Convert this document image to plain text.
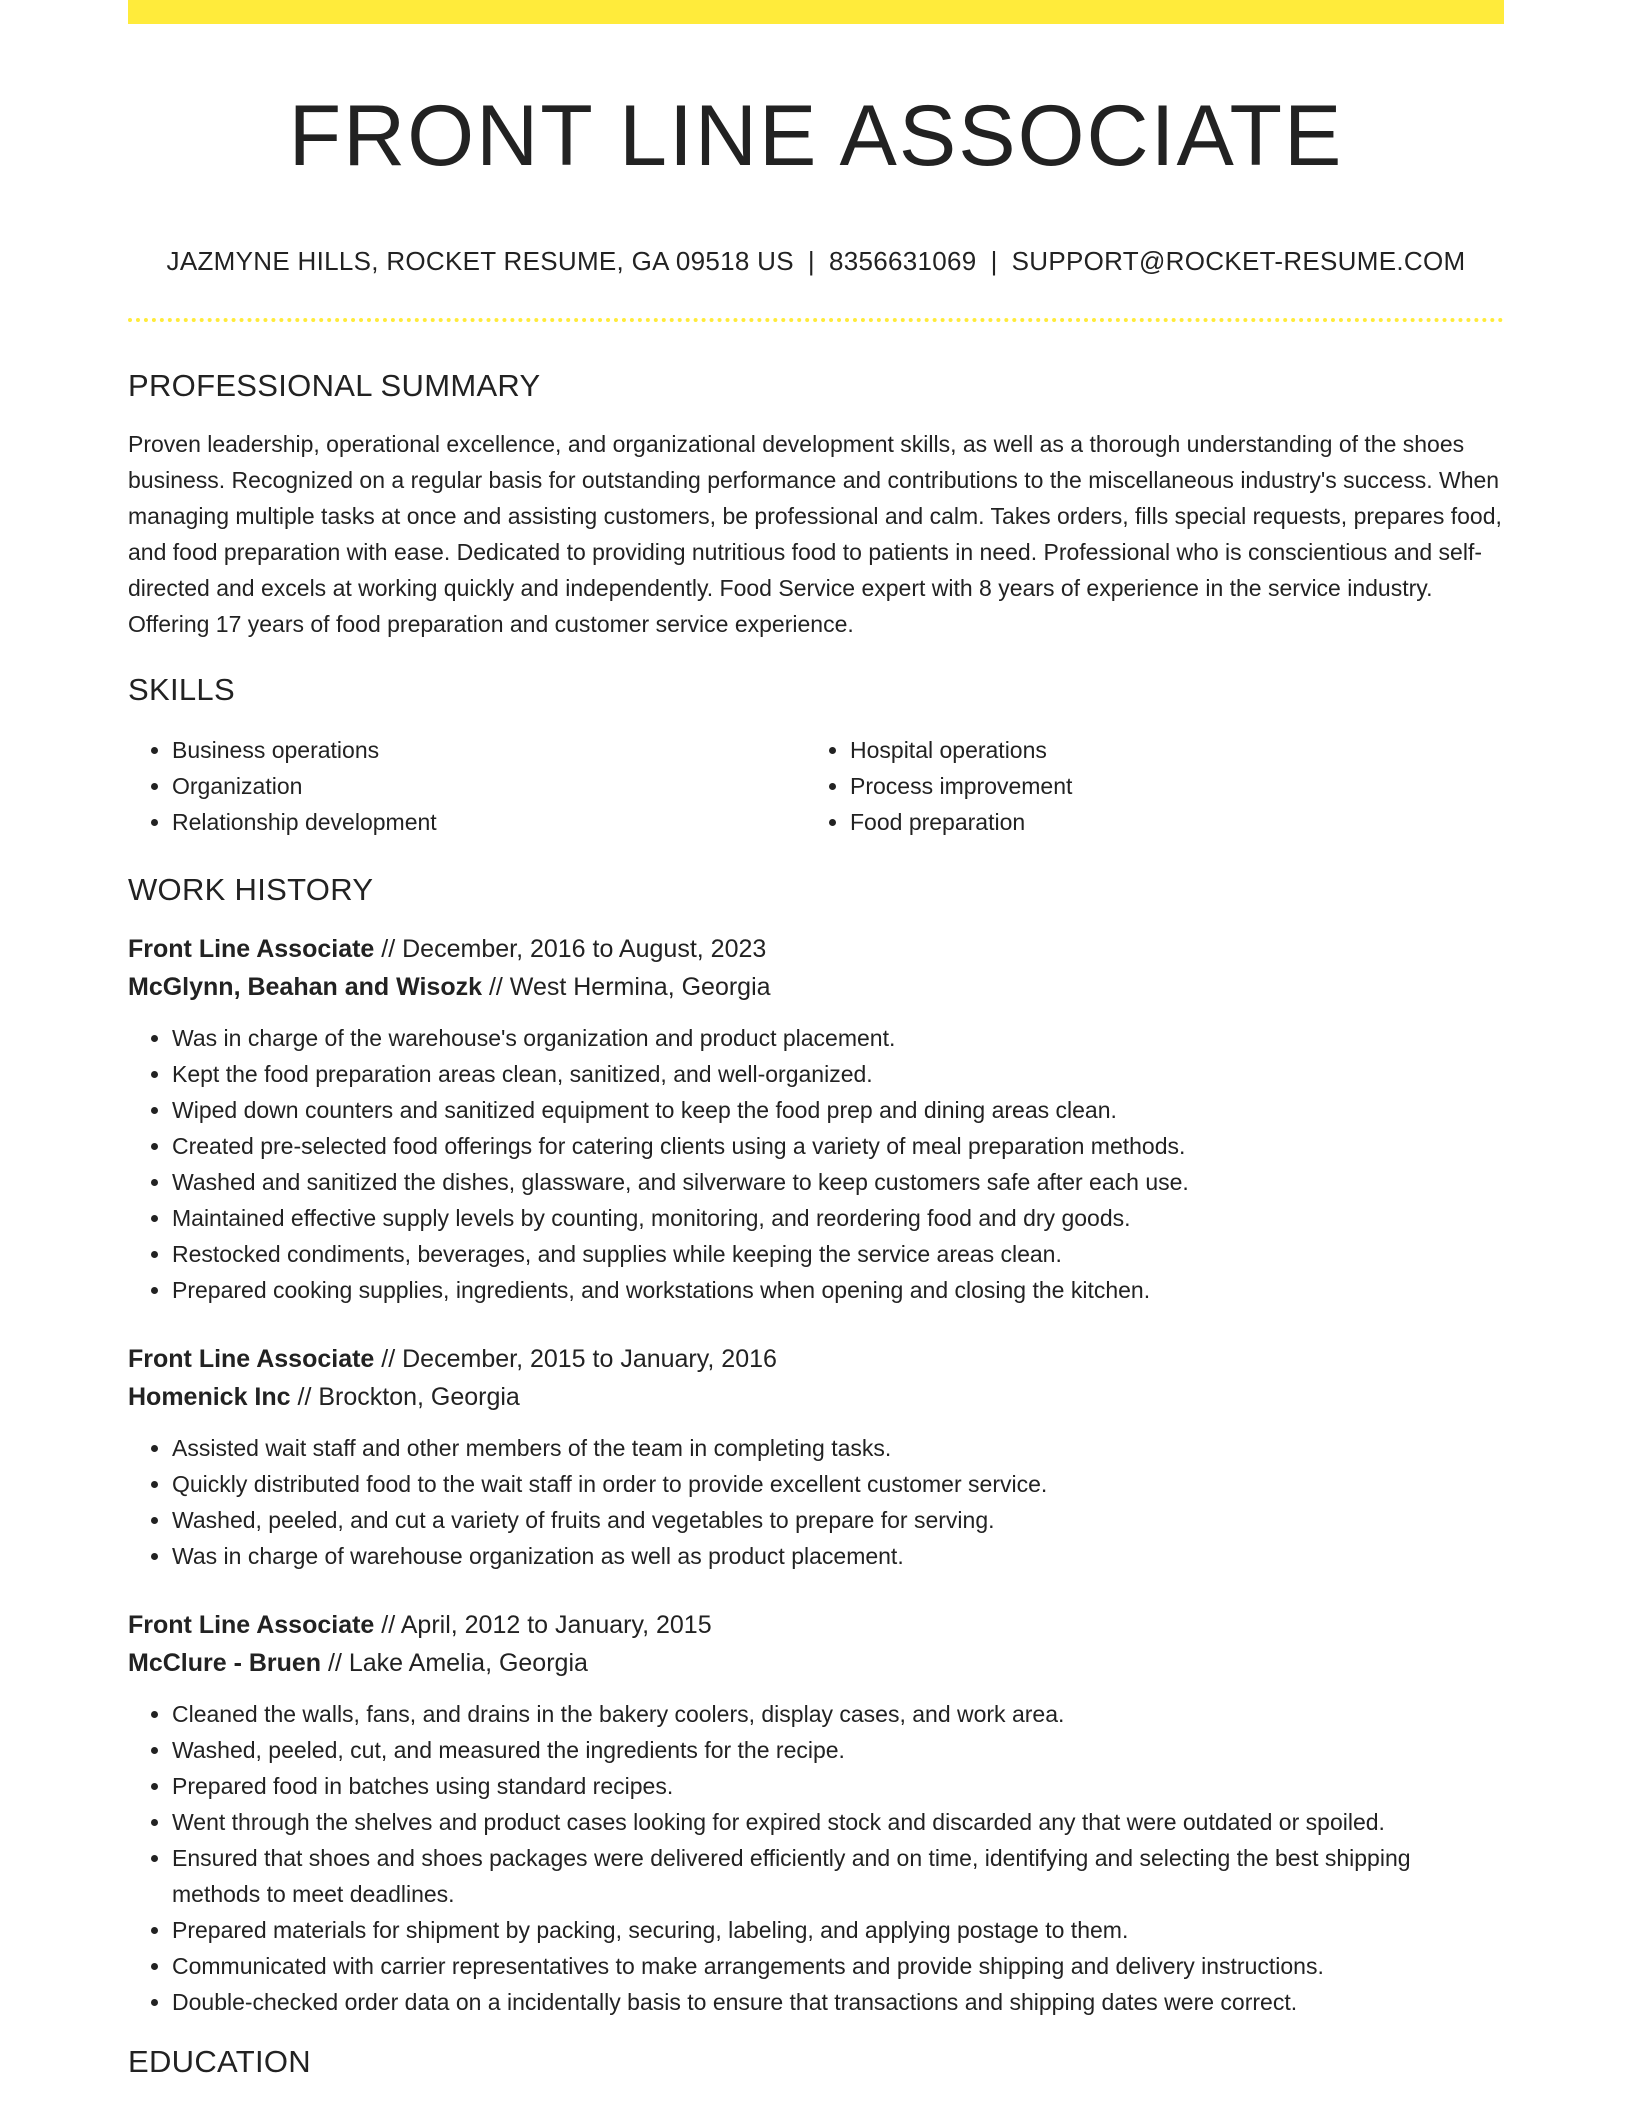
FRONT LINE ASSOCIATE
JAZMYNE HILLS, ROCKET RESUME, GA 09518 US | 8356631069 | SUPPORT@ROCKET-RESUME.COM
PROFESSIONAL SUMMARY
Proven leadership, operational excellence, and organizational development skills, as well as a thorough understanding of the shoes business. Recognized on a regular basis for outstanding performance and contributions to the miscellaneous industry's success. When managing multiple tasks at once and assisting customers, be professional and calm. Takes orders, fills special requests, prepares food, and food preparation with ease. Dedicated to providing nutritious food to patients in need. Professional who is conscientious and self-directed and excels at working quickly and independently. Food Service expert with 8 years of experience in the service industry. Offering 17 years of food preparation and customer service experience.
SKILLS
• Business operations
• Organization
• Relationship development
• Hospital operations
• Process improvement
• Food preparation
WORK HISTORY
Front Line Associate // December, 2016 to August, 2023
McGlynn, Beahan and Wisozk // West Hermina, Georgia
• Was in charge of the warehouse's organization and product placement.
• Kept the food preparation areas clean, sanitized, and well-organized.
• Wiped down counters and sanitized equipment to keep the food prep and dining areas clean.
• Created pre-selected food offerings for catering clients using a variety of meal preparation methods.
• Washed and sanitized the dishes, glassware, and silverware to keep customers safe after each use.
• Maintained effective supply levels by counting, monitoring, and reordering food and dry goods.
• Restocked condiments, beverages, and supplies while keeping the service areas clean.
• Prepared cooking supplies, ingredients, and workstations when opening and closing the kitchen.
Front Line Associate // December, 2015 to January, 2016
Homenick Inc // Brockton, Georgia
• Assisted wait staff and other members of the team in completing tasks.
• Quickly distributed food to the wait staff in order to provide excellent customer service.
• Washed, peeled, and cut a variety of fruits and vegetables to prepare for serving.
• Was in charge of warehouse organization as well as product placement.
Front Line Associate // April, 2012 to January, 2015
McClure - Bruen // Lake Amelia, Georgia
• Cleaned the walls, fans, and drains in the bakery coolers, display cases, and work area.
• Washed, peeled, cut, and measured the ingredients for the recipe.
• Prepared food in batches using standard recipes.
• Went through the shelves and product cases looking for expired stock and discarded any that were outdated or spoiled.
• Ensured that shoes and shoes packages were delivered efficiently and on time, identifying and selecting the best shipping methods to meet deadlines.
• Prepared materials for shipment by packing, securing, labeling, and applying postage to them.
• Communicated with carrier representatives to make arrangements and provide shipping and delivery instructions.
• Double-checked order data on a incidentally basis to ensure that transactions and shipping dates were correct.
EDUCATION
